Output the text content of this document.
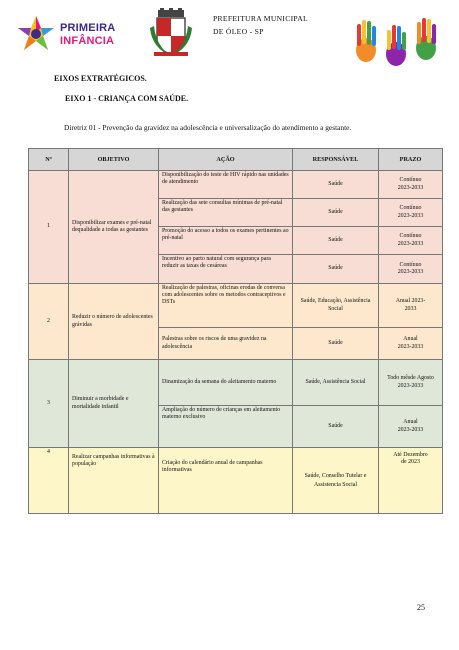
PRIMEIRA
INFÂNCIA
PREFEITURA MUNICIPAL
DE ÓLEO - SP
EIXOS EXTRATÉGICOS.
EIXO 1 - CRIANÇA COM SAÚDE.
Diretriz 01 - Prevenção da gravidez na adolescência e universalização do atendimento a gestante.
Nº	OBJETIVO	AÇÃO	RESPONSÁVEL	PRAZO
1	Disponibilizar exames e pré-natal dequalidade a todas as gestantes	Disponibilização do teste de HIV rápido nas unidades de atendimento	Saúde	Contínuo
2023-2033

		Realização das sete consultas mínimas de pré-natal das gestantes	Saúde	Contínuo
2023-2033

		Promoção do acesso a todos os exames pertinentes ao pré-natal	Saúde	Contínuo
2023-2033

		Incentivo ao parto natural com segurança para reduzir as taxas de cesáreas	Saúde	Contínuo
2023-2033

2	Reduzir o número de adolescentes grávidas	Realização de palestras, oficinas erodas de conversa com adolescentes sobre os metodos contraceptivos e DSTs	Saúde, Educação, Assistência Social	Anual 2023-
2033

		Palestras sobre os riscos de uma gravidez na adolescência	Saúde	Anual
2023-2033

3	Diminuir a morbidade e mortalidade infantil	Dinamização da semana do aleitamento materno	Saúde, Assistência Social	Todo mêsde Agosto
2023-2033

		Ampliação do número de crianças em aleitamento materno exclusivo	Saúde	Anual
2023-2033

4	Realizar campanhas informativas à população	Criação do calendário anual de campanhas informativas	Saúde, Conselho Tutelar e Assistencia Social	Até Dezembro
de 2023
25
